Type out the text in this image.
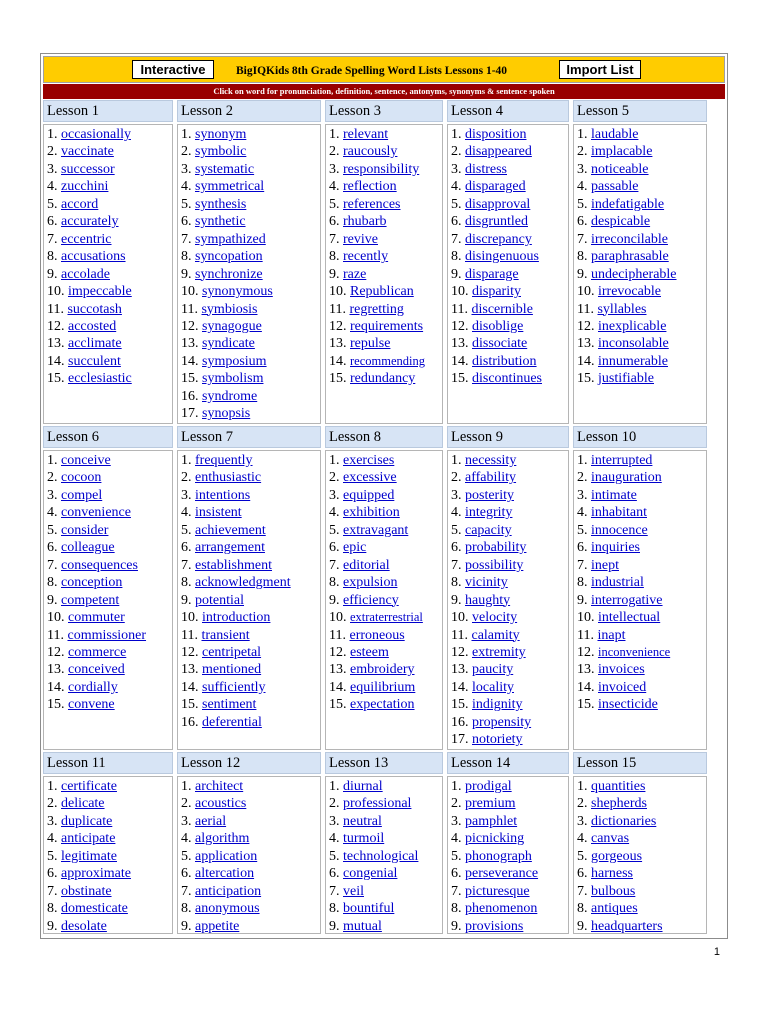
Interactive	BigIQKids 8th Grade Spelling Word Lists Lessons 1-40	Import List
Click on word for pronunciation, definition, sentence, antonyms, synonyms & sentence spoken
Lesson 1
1. occasionally
2. vaccinate
3. successor
4. zucchini
5. accord
6. accurately
7. eccentric
8. accusations
9. accolade
10. impeccable
11. succotash
12. accosted
13. acclimate
14. succulent
15. ecclesiastic
Lesson 2
1. synonym
2. symbolic
3. systematic
4. symmetrical
5. synthesis
6. synthetic
7. sympathized
8. syncopation
9. synchronize
10. synonymous
11. symbiosis
12. synagogue
13. syndicate
14. symposium
15. symbolism
16. syndrome
17. synopsis
Lesson 3
1. relevant
2. raucously
3. responsibility
4. reflection
5. references
6. rhubarb
7. revive
8. recently
9. raze
10. Republican
11. regretting
12. requirements
13. repulse
14. recommending
15. redundancy
Lesson 4
1. disposition
2. disappeared
3. distress
4. disparaged
5. disapproval
6. disgruntled
7. discrepancy
8. disingenuous
9. disparage
10. disparity
11. discernible
12. disoblige
13. dissociate
14. distribution
15. discontinues
Lesson 5
1. laudable
2. implacable
3. noticeable
4. passable
5. indefatigable
6. despicable
7. irreconcilable
8. paraphrasable
9. undecipherable
10. irrevocable
11. syllables
12. inexplicable
13. inconsolable
14. innumerable
15. justifiable
Lesson 6
1. conceive
2. cocoon
3. compel
4. convenience
5. consider
6. colleague
7. consequences
8. conception
9. competent
10. commuter
11. commissioner
12. commerce
13. conceived
14. cordially
15. convene
Lesson 7
1. frequently
2. enthusiastic
3. intentions
4. insistent
5. achievement
6. arrangement
7. establishment
8. acknowledgment
9. potential
10. introduction
11. transient
12. centripetal
13. mentioned
14. sufficiently
15. sentiment
16. deferential
Lesson 8
1. exercises
2. excessive
3. equipped
4. exhibition
5. extravagant
6. epic
7. editorial
8. expulsion
9. efficiency
10. extraterrestrial
11. erroneous
12. esteem
13. embroidery
14. equilibrium
15. expectation
Lesson 9
1. necessity
2. affability
3. posterity
4. integrity
5. capacity
6. probability
7. possibility
8. vicinity
9. haughty
10. velocity
11. calamity
12. extremity
13. paucity
14. locality
15. indignity
16. propensity
17. notoriety
Lesson 10
1. interrupted
2. inauguration
3. intimate
4. inhabitant
5. innocence
6. inquiries
7. inept
8. industrial
9. interrogative
10. intellectual
11. inapt
12. inconvenience
13. invoices
14. invoiced
15. insecticide
Lesson 11
1. certificate
2. delicate
3. duplicate
4. anticipate
5. legitimate
6. approximate
7. obstinate
8. domesticate
9. desolate
Lesson 12
1. architect
2. acoustics
3. aerial
4. algorithm
5. application
6. altercation
7. anticipation
8. anonymous
9. appetite
Lesson 13
1. diurnal
2. professional
3. neutral
4. turmoil
5. technological
6. congenial
7. veil
8. bountiful
9. mutual
Lesson 14
1. prodigal
2. premium
3. pamphlet
4. picnicking
5. phonograph
6. perseverance
7. picturesque
8. phenomenon
9. provisions
Lesson 15
1. quantities
2. shepherds
3. dictionaries
4. canvas
5. gorgeous
6. harness
7. bulbous
8. antiques
9. headquarters
1
